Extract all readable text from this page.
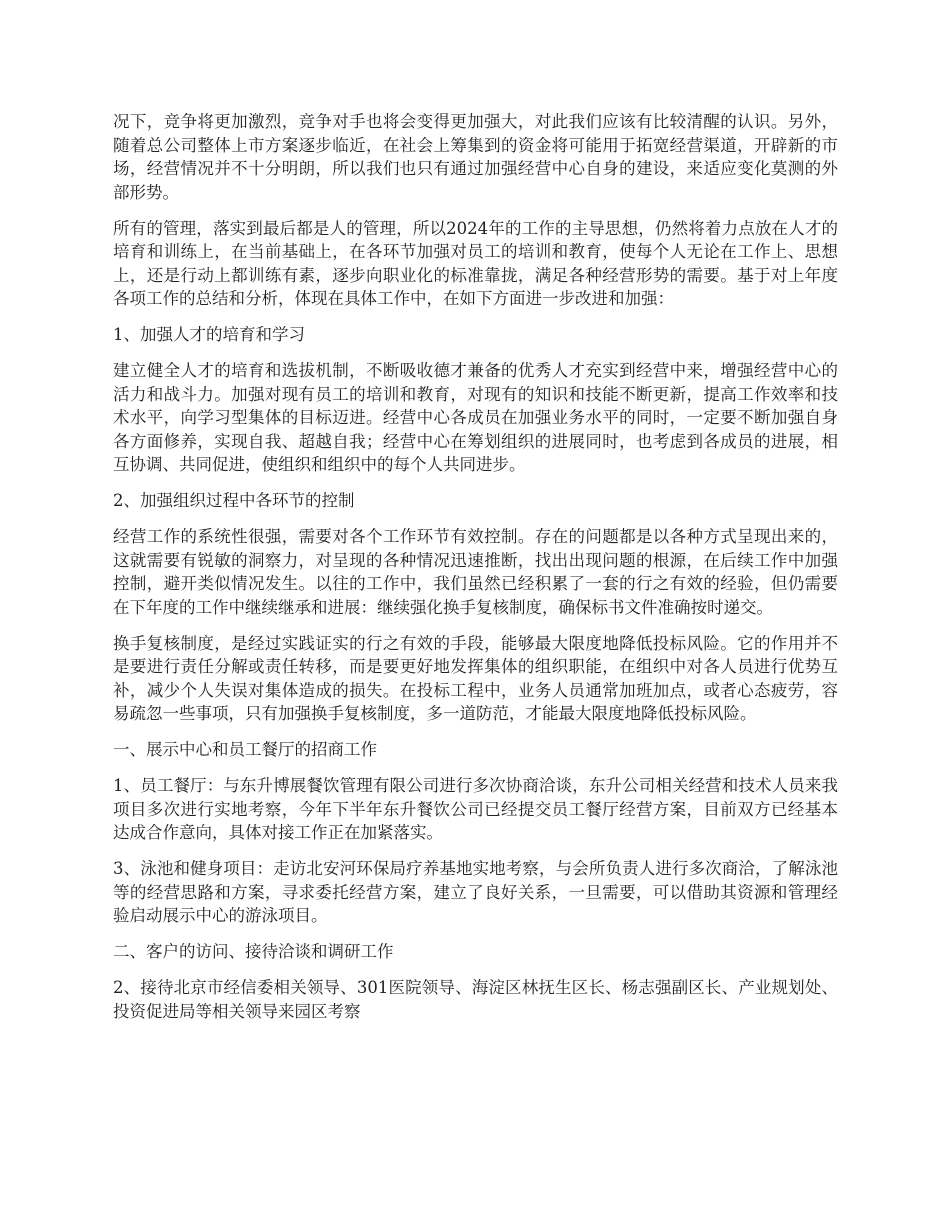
况下，竞争将更加激烈，竞争对手也将会变得更加强大，对此我们应该有比较清醒的认识。另外，随着总公司整体上市方案逐步临近，在社会上筹集到的资金将可能用于拓宽经营渠道，开辟新的市场，经营情况并不十分明朗，所以我们也只有通过加强经营中心自身的建设，来适应变化莫测的外部形势。

所有的管理，落实到最后都是人的管理，所以2024年的工作的主导思想，仍然将着力点放在人才的培育和训练上，在当前基础上，在各环节加强对员工的培训和教育，使每个人无论在工作上、思想上，还是行动上都训练有素，逐步向职业化的标准靠拢，满足各种经营形势的需要。基于对上年度各项工作的总结和分析，体现在具体工作中，在如下方面进一步改进和加强：

1、加强人才的培育和学习

建立健全人才的培育和选拔机制，不断吸收德才兼备的优秀人才充实到经营中来，增强经营中心的活力和战斗力。加强对现有员工的培训和教育，对现有的知识和技能不断更新，提高工作效率和技术水平，向学习型集体的目标迈进。经营中心各成员在加强业务水平的同时，一定要不断加强自身各方面修养，实现自我、超越自我；经营中心在筹划组织的进展同时，也考虑到各成员的进展，相互协调、共同促进，使组织和组织中的每个人共同进步。

2、加强组织过程中各环节的控制

经营工作的系统性很强，需要对各个工作环节有效控制。存在的问题都是以各种方式呈现出来的，这就需要有锐敏的洞察力，对呈现的各种情况迅速推断，找出出现问题的根源，在后续工作中加强控制，避开类似情况发生。以往的工作中，我们虽然已经积累了一套的行之有效的经验，但仍需要在下年度的工作中继续继承和进展：继续强化换手复核制度，确保标书文件准确按时递交。

换手复核制度，是经过实践证实的行之有效的手段，能够最大限度地降低投标风险。它的作用并不是要进行责任分解或责任转移，而是要更好地发挥集体的组织职能，在组织中对各人员进行优势互补，减少个人失误对集体造成的损失。在投标工程中，业务人员通常加班加点，或者心态疲劳，容易疏忽一些事项，只有加强换手复核制度，多一道防范，才能最大限度地降低投标风险。

一、展示中心和员工餐厅的招商工作

1、员工餐厅：与东升博展餐饮管理有限公司进行多次协商洽谈，东升公司相关经营和技术人员来我项目多次进行实地考察，今年下半年东升餐饮公司已经提交员工餐厅经营方案，目前双方已经基本达成合作意向，具体对接工作正在加紧落实。

3、泳池和健身项目：走访北安河环保局疗养基地实地考察，与会所负责人进行多次商洽，了解泳池等的经营思路和方案，寻求委托经营方案，建立了良好关系，一旦需要，可以借助其资源和管理经验启动展示中心的游泳项目。

二、客户的访问、接待洽谈和调研工作

2、接待北京市经信委相关领导、301医院领导、海淀区林抚生区长、杨志强副区长、产业规划处、投资促进局等相关领导来园区考察
